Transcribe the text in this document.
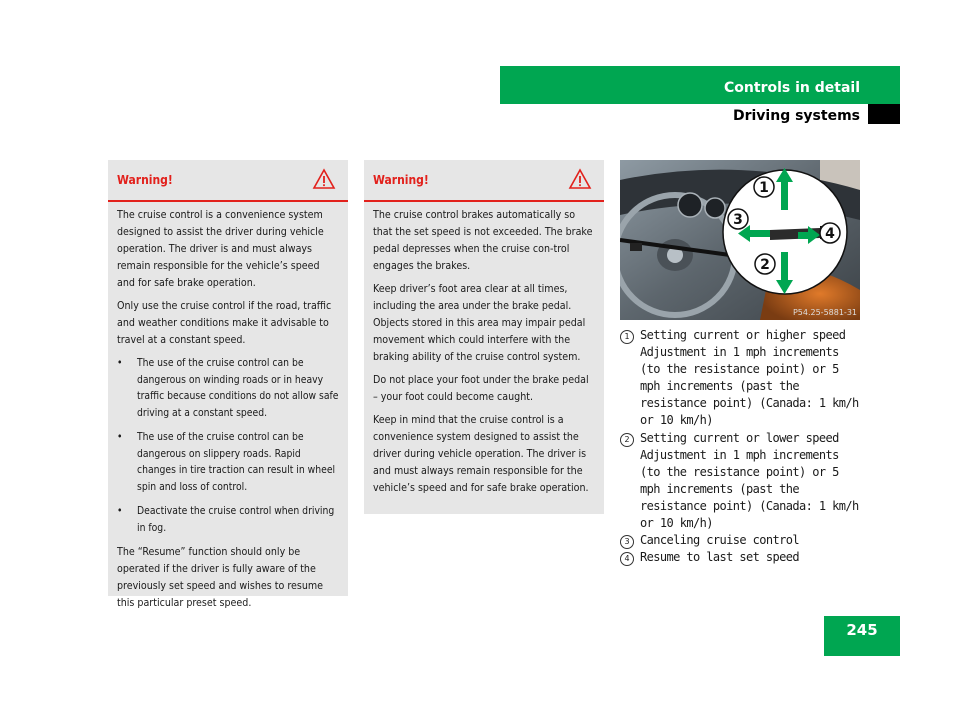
Controls in detail
Driving systems
Warning!

The cruise control is a convenience system designed to assist the driver during vehicle operation. The driver is and must always remain responsible for the vehicle’s speed and for safe brake operation.

Only use the cruise control if the road, traffic and weather conditions make it advisable to travel at a constant speed.

• The use of the cruise control can be dangerous on winding roads or in heavy traffic because conditions do not allow safe driving at a constant speed.
• The use of the cruise control can be dangerous on slippery roads. Rapid changes in tire traction can result in wheel spin and loss of control.
• Deactivate the cruise control when driving in fog.

The “Resume” function should only be operated if the driver is fully aware of the previously set speed and wishes to resume this particular preset speed.

Warning!

The cruise control brakes automatically so that the set speed is not exceeded. The brake pedal depresses when the cruise con-trol engages the brakes.

Keep driver’s foot area clear at all times, including the area under the brake pedal. Objects stored in this area may impair pedal movement which could interfere with the braking ability of the cruise control system.

Do not place your foot under the brake pedal – your foot could become caught.

Keep in mind that the cruise control is a convenience system designed to assist the driver during vehicle operation. The driver is and must always remain responsible for the vehicle’s speed and for safe brake operation.

1
2
3
4
P54.25-5881-31
1 Setting current or higher speed Adjustment in 1 mph increments (to the resistance point) or 5 mph increments (past the resistance point) (Canada: 1 km/h or 10 km/h)
2 Setting current or lower speed Adjustment in 1 mph increments (to the resistance point) or 5 mph increments (past the resistance point) (Canada: 1 km/h or 10 km/h)
3 Canceling cruise control
4 Resume to last set speed
245
